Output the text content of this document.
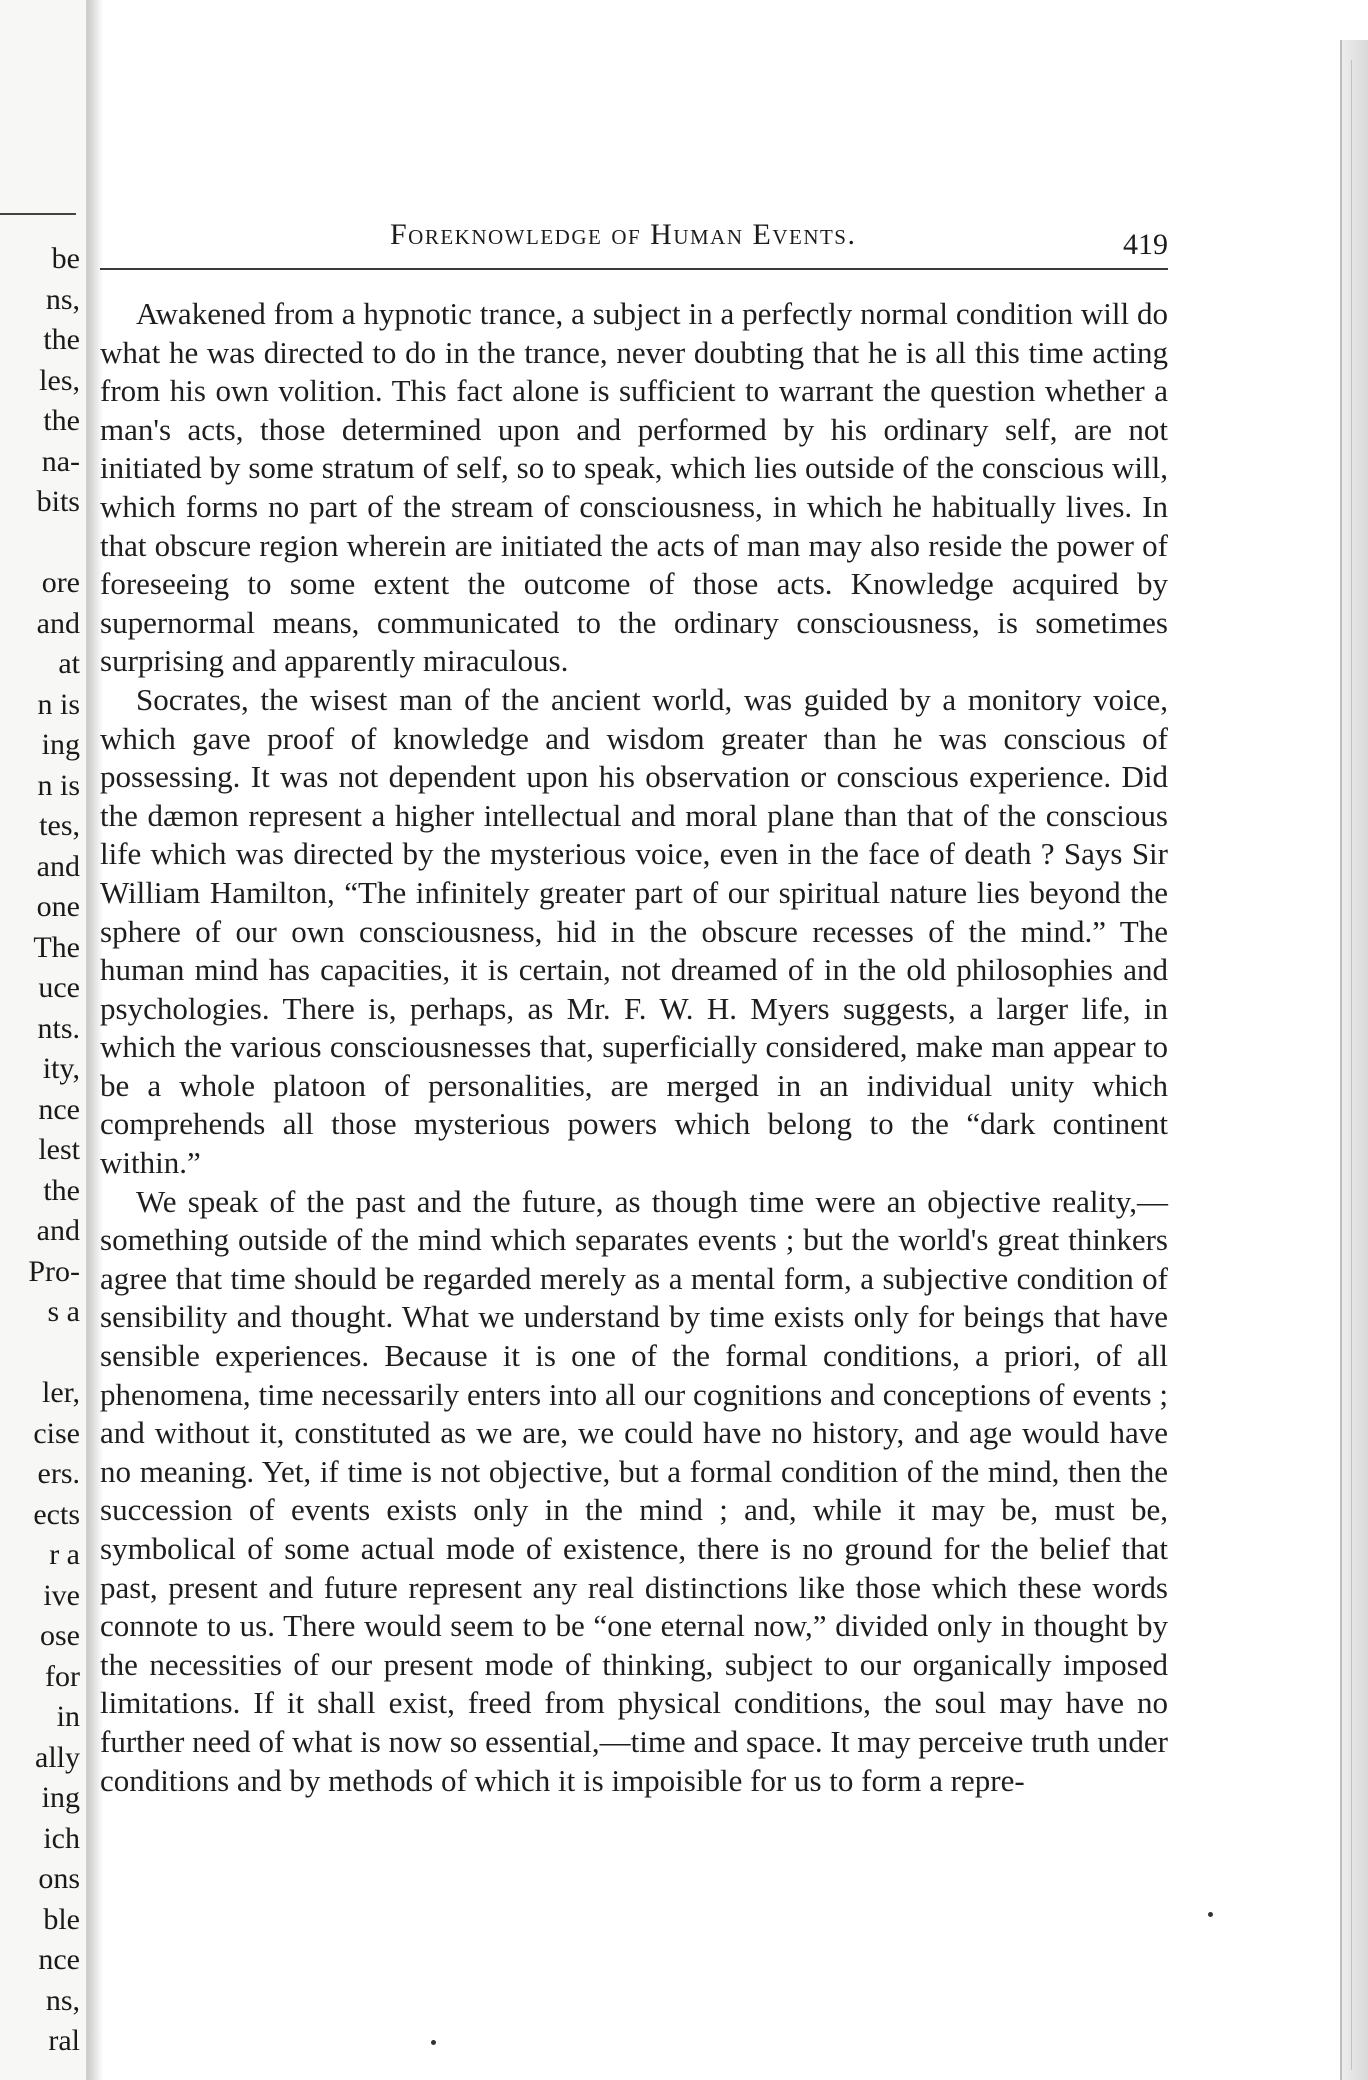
be
ns,
the
les,
the
na-
bits
ore
and
at
n is
ing
n is
tes,
and
one
The
uce
nts.
ity,
nce
lest
the
and
Pro-
s a
ler,
cise
ers.
ects
r a
ive
ose
for
in
ally
ing
ich
ons
ble
nce
ns,
ral
Foreknowledge of Human Events.	419

Awakened from a hypnotic trance, a subject in a perfectly normal condition will do what he was directed to do in the trance, never doubting that he is all this time acting from his own volition. This fact alone is sufficient to warrant the question whether a man's acts, those determined upon and performed by his ordinary self, are not initiated by some stratum of self, so to speak, which lies outside of the conscious will, which forms no part of the stream of consciousness, in which he habitually lives. In that obscure region wherein are initiated the acts of man may also reside the power of foreseeing to some extent the outcome of those acts. Knowledge acquired by supernormal means, communicated to the ordinary consciousness, is sometimes surprising and apparently miraculous.

Socrates, the wisest man of the ancient world, was guided by a monitory voice, which gave proof of knowledge and wisdom greater than he was conscious of possessing. It was not dependent upon his observation or conscious experience. Did the dæmon represent a higher intellectual and moral plane than that of the conscious life which was directed by the mysterious voice, even in the face of death ? Says Sir William Hamilton, “The infinitely greater part of our spiritual nature lies beyond the sphere of our own consciousness, hid in the obscure recesses of the mind.” The human mind has capacities, it is certain, not dreamed of in the old philosophies and psychologies. There is, perhaps, as Mr. F. W. H. Myers suggests, a larger life, in which the various consciousnesses that, superficially considered, make man appear to be a whole platoon of personalities, are merged in an individual unity which comprehends all those mysterious powers which belong to the “dark continent within.”

We speak of the past and the future, as though time were an objective reality,—something outside of the mind which separates events ; but the world's great thinkers agree that time should be regarded merely as a mental form, a subjective condition of sensibility and thought. What we understand by time exists only for beings that have sensible experiences. Because it is one of the formal conditions, a priori, of all phenomena, time necessarily enters into all our cognitions and conceptions of events ; and without it, constituted as we are, we could have no history, and age would have no meaning. Yet, if time is not objective, but a formal condition of the mind, then the succession of events exists only in the mind ; and, while it may be, must be, symbolical of some actual mode of existence, there is no ground for the belief that past, present and future represent any real distinctions like those which these words connote to us. There would seem to be “one eternal now,” divided only in thought by the necessities of our present mode of thinking, subject to our organically imposed limitations. If it shall exist, freed from physical conditions, the soul may have no further need of what is now so essential,—time and space. It may perceive truth under conditions and by methods of which it is impoisible for us to form a repre-
